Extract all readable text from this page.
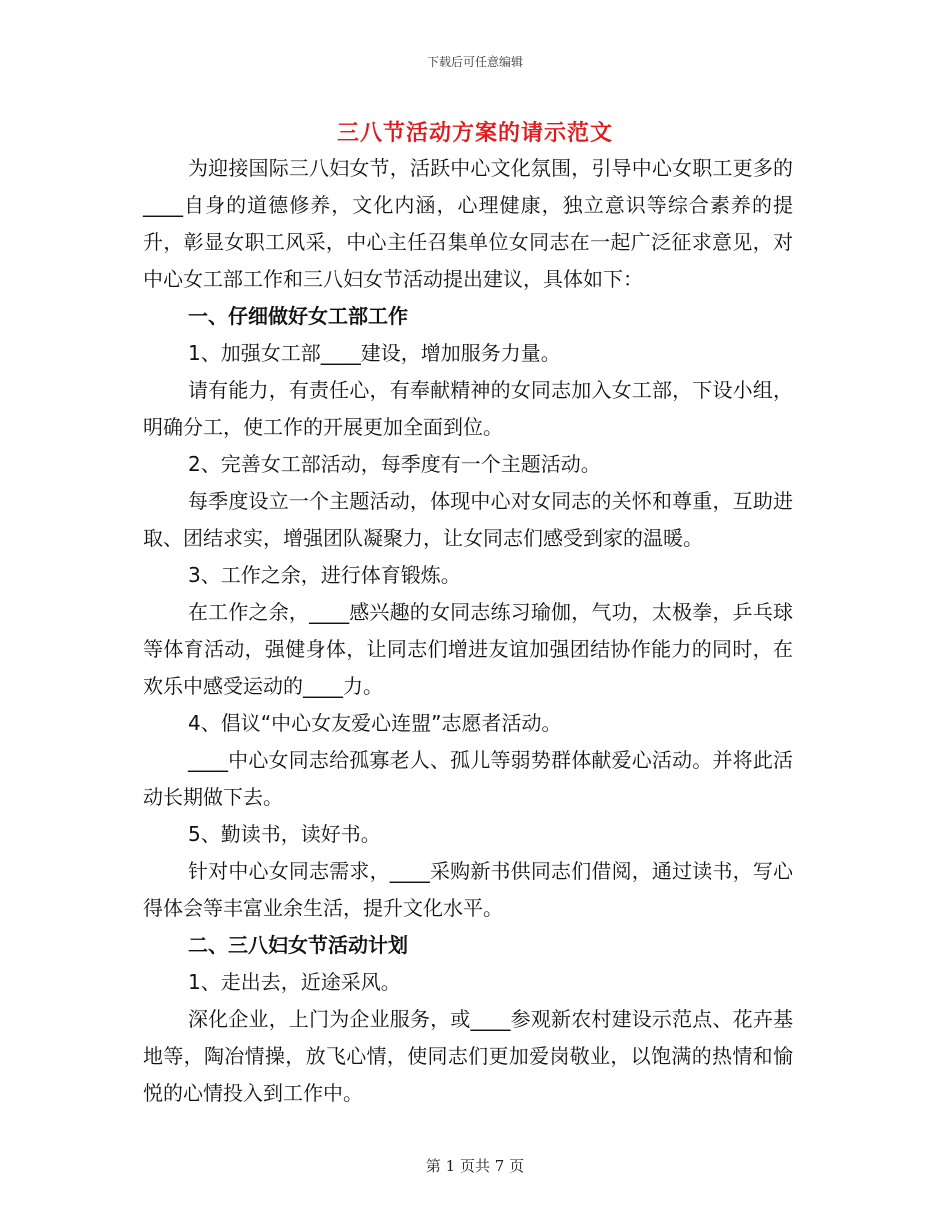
下载后可任意编辑
三八节活动方案的请示范文

为迎接国际三八妇女节，活跃中心文化氛围，引导中心女职工更多的____自身的道德修养，文化内涵，心理健康，独立意识等综合素养的提升，彰显女职工风采，中心主任召集单位女同志在一起广泛征求意见，对中心女工部工作和三八妇女节活动提出建议，具体如下：

一、仔细做好女工部工作

1、加强女工部____建设，增加服务力量。

请有能力，有责任心，有奉献精神的女同志加入女工部，下设小组，明确分工，使工作的开展更加全面到位。

2、完善女工部活动，每季度有一个主题活动。

每季度设立一个主题活动，体现中心对女同志的关怀和尊重，互助进取、团结求实，增强团队凝聚力，让女同志们感受到家的温暖。

3、工作之余，进行体育锻炼。

在工作之余，____感兴趣的女同志练习瑜伽，气功，太极拳，乒乓球等体育活动，强健身体，让同志们增进友谊加强团结协作能力的同时，在欢乐中感受运动的____力。

4、倡议“中心女友爱心连盟”志愿者活动。

____中心女同志给孤寡老人、孤儿等弱势群体献爱心活动。并将此活动长期做下去。

5、勤读书，读好书。

针对中心女同志需求，____采购新书供同志们借阅，通过读书，写心得体会等丰富业余生活，提升文化水平。

二、三八妇女节活动计划

1、走出去，近途采风。

深化企业，上门为企业服务，或____参观新农村建设示范点、花卉基地等，陶冶情操，放飞心情，使同志们更加爱岗敬业，以饱满的热情和愉悦的心情投入到工作中。

第 1 页共 7 页
